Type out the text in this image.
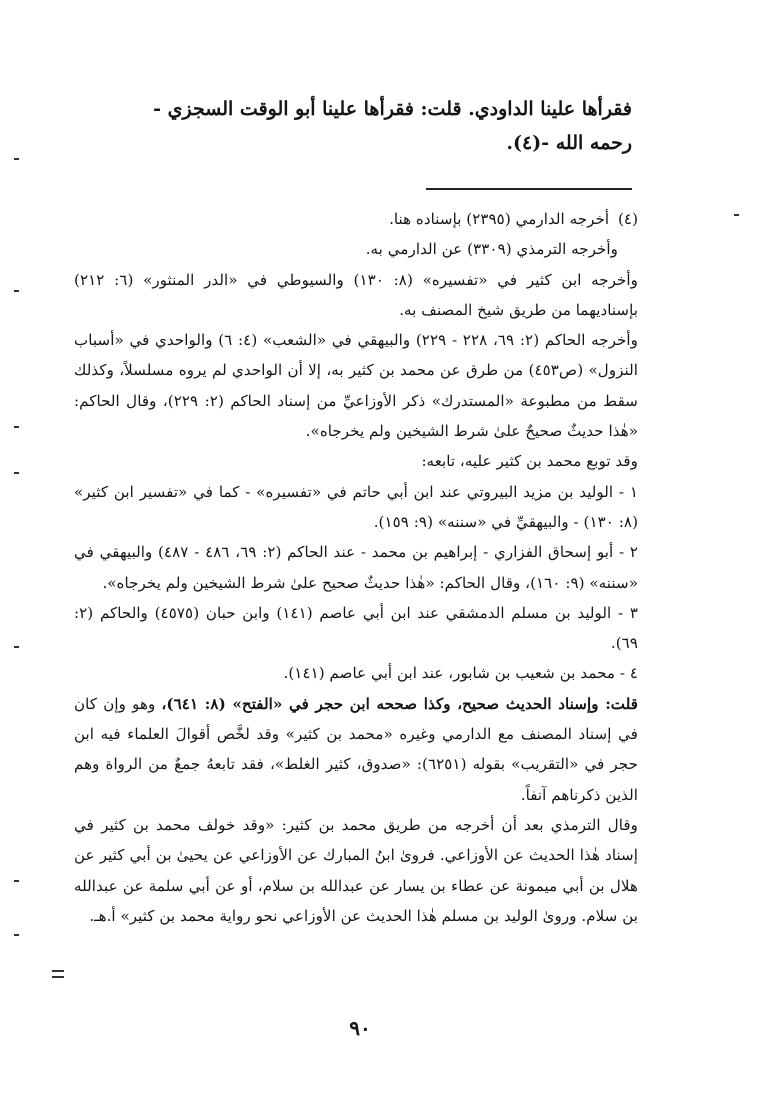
فقرأها علينا الداودي. قلت: فقرأها علينا أبو الوقت السجزي -

رحمه الله -(٤).

(٤) أخرجه الدارمي (٢٣٩٥) بإسناده هنا.

وأخرجه الترمذي (٣٣٠٩) عن الدارمي به.

وأخرجه ابن كثير في «تفسيره» (٨: ١٣٠) والسيوطي في «الدر المنثور» (٦: ٢١٢) بإسناديهما من طريق شيخ المصنف به.

وأخرجه الحاكم (٢: ٦٩، ٢٢٨ - ٢٢٩) والبيهقي في «الشعب» (٤: ٦) والواحدي في «أسباب النزول» (ص٤٥٣) من طرق عن محمد بن كثير به، إلا أن الواحدي لم يروه مسلسلاً، وكذلك سقط من مطبوعة «المستدرك» ذكر الأوزاعيِّ من إسناد الحاكم (٢: ٢٢٩)، وقال الحاكم: «هٰذا حديثٌ صحيحٌ علىٰ شرط الشيخين ولم يخرجاه».

وقد توبع محمد بن كثير عليه، تابعه:

١ - الوليد بن مزيد البيروتي عند ابن أبي حاتم في «تفسيره» - كما في «تفسير ابن كثير» (٨: ١٣٠) - والبيهقيِّ في «سننه» (٩: ١٥٩).

٢ - أبو إسحاق الفزاري - إبراهيم بن محمد - عند الحاكم (٢: ٦٩، ٤٨٦ - ٤٨٧) والبيهقي في «سننه» (٩: ١٦٠)، وقال الحاكم: «هٰذا حديثٌ صحيح علىٰ شرط الشيخين ولم يخرجاه».

٣ - الوليد بن مسلم الدمشقي عند ابن أبي عاصم (١٤١) وابن حبان (٤٥٧٥) والحاكم (٢: ٦٩).

٤ - محمد بن شعيب بن شابور، عند ابن أبي عاصم (١٤١).

قلت: وإسناد الحديث صحيح، وكذا صححه ابن حجر في «الفتح» (٨: ٦٤١)، وهو وإن كان في إسناد المصنف مع الدارمي وغيره «محمد بن كثير» وقد لخَّص أقوالَ العلماء فيه ابن حجر في «التقريب» بقوله (٦٢٥١): «صدوق، كثير الغلط»، فقد تابعهُ جمعٌ من الرواة وهم الذين ذكرناهم آنفاً.

وقال الترمذي بعد أن أخرجه من طريق محمد بن كثير: «وقد خولف محمد بن كثير في إسناد هٰذا الحديث عن الأوزاعي. فروىٰ ابنُ المبارك عن الأوزاعي عن يحيىٰ بن أبي كثير عن هلال بن أبي ميمونة عن عطاء بن يسار عن عبدالله بن سلام، أو عن أبي سلمة عن عبدالله بن سلام. وروىٰ الوليد بن مسلم هٰذا الحديث عن الأوزاعي نحو رواية محمد بن كثير» أ.هـ.

٩٠
